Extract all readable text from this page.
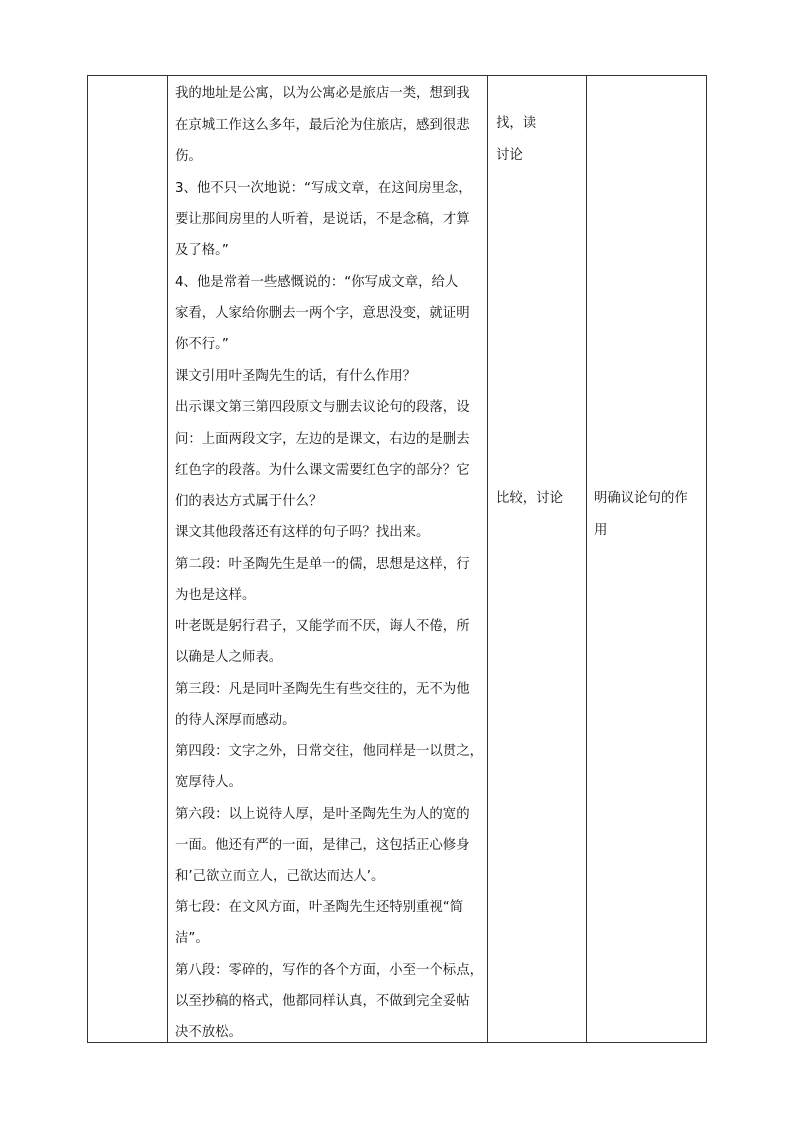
我的地址是公寓，以为公寓必是旅店一类，想到我
在京城工作这么多年，最后沦为住旅店，感到很悲
伤。
3、他不只一次地说：“写成文章，在这间房里念，
要让那间房里的人听着，是说话，不是念稿，才算
及了格。”
4、他是常着一些感慨说的：“你写成文章，给人
家看，人家给你删去一两个字，意思没变，就证明
你不行。”
课文引用叶圣陶先生的话，有什么作用？
出示课文第三第四段原文与删去议论句的段落，设
问：上面两段文字，左边的是课文，右边的是删去
红色字的段落。为什么课文需要红色字的部分？它
们的表达方式属于什么？
课文其他段落还有这样的句子吗？找出来。
第二段：叶圣陶先生是单一的儒，思想是这样，行
为也是这样。
叶老既是躬行君子，又能学而不厌，诲人不倦，所
以确是人之师表。
第三段：凡是同叶圣陶先生有些交往的，无不为他
的待人深厚而感动。
第四段：文字之外，日常交往，他同样是一以贯之，
宽厚待人。
第六段：以上说待人厚，是叶圣陶先生为人的宽的
一面。他还有严的一面，是律己，这包括正心修身
和’己欲立而立人，己欲达而达人’。
第七段：在文风方面，叶圣陶先生还特别重视“简
洁”。
第八段：零碎的，写作的各个方面，小至一个标点，
以至抄稿的格式，他都同样认真，不做到完全妥帖
决不放松。
找，读
讨论
比较，讨论 明确议论句的作
用
